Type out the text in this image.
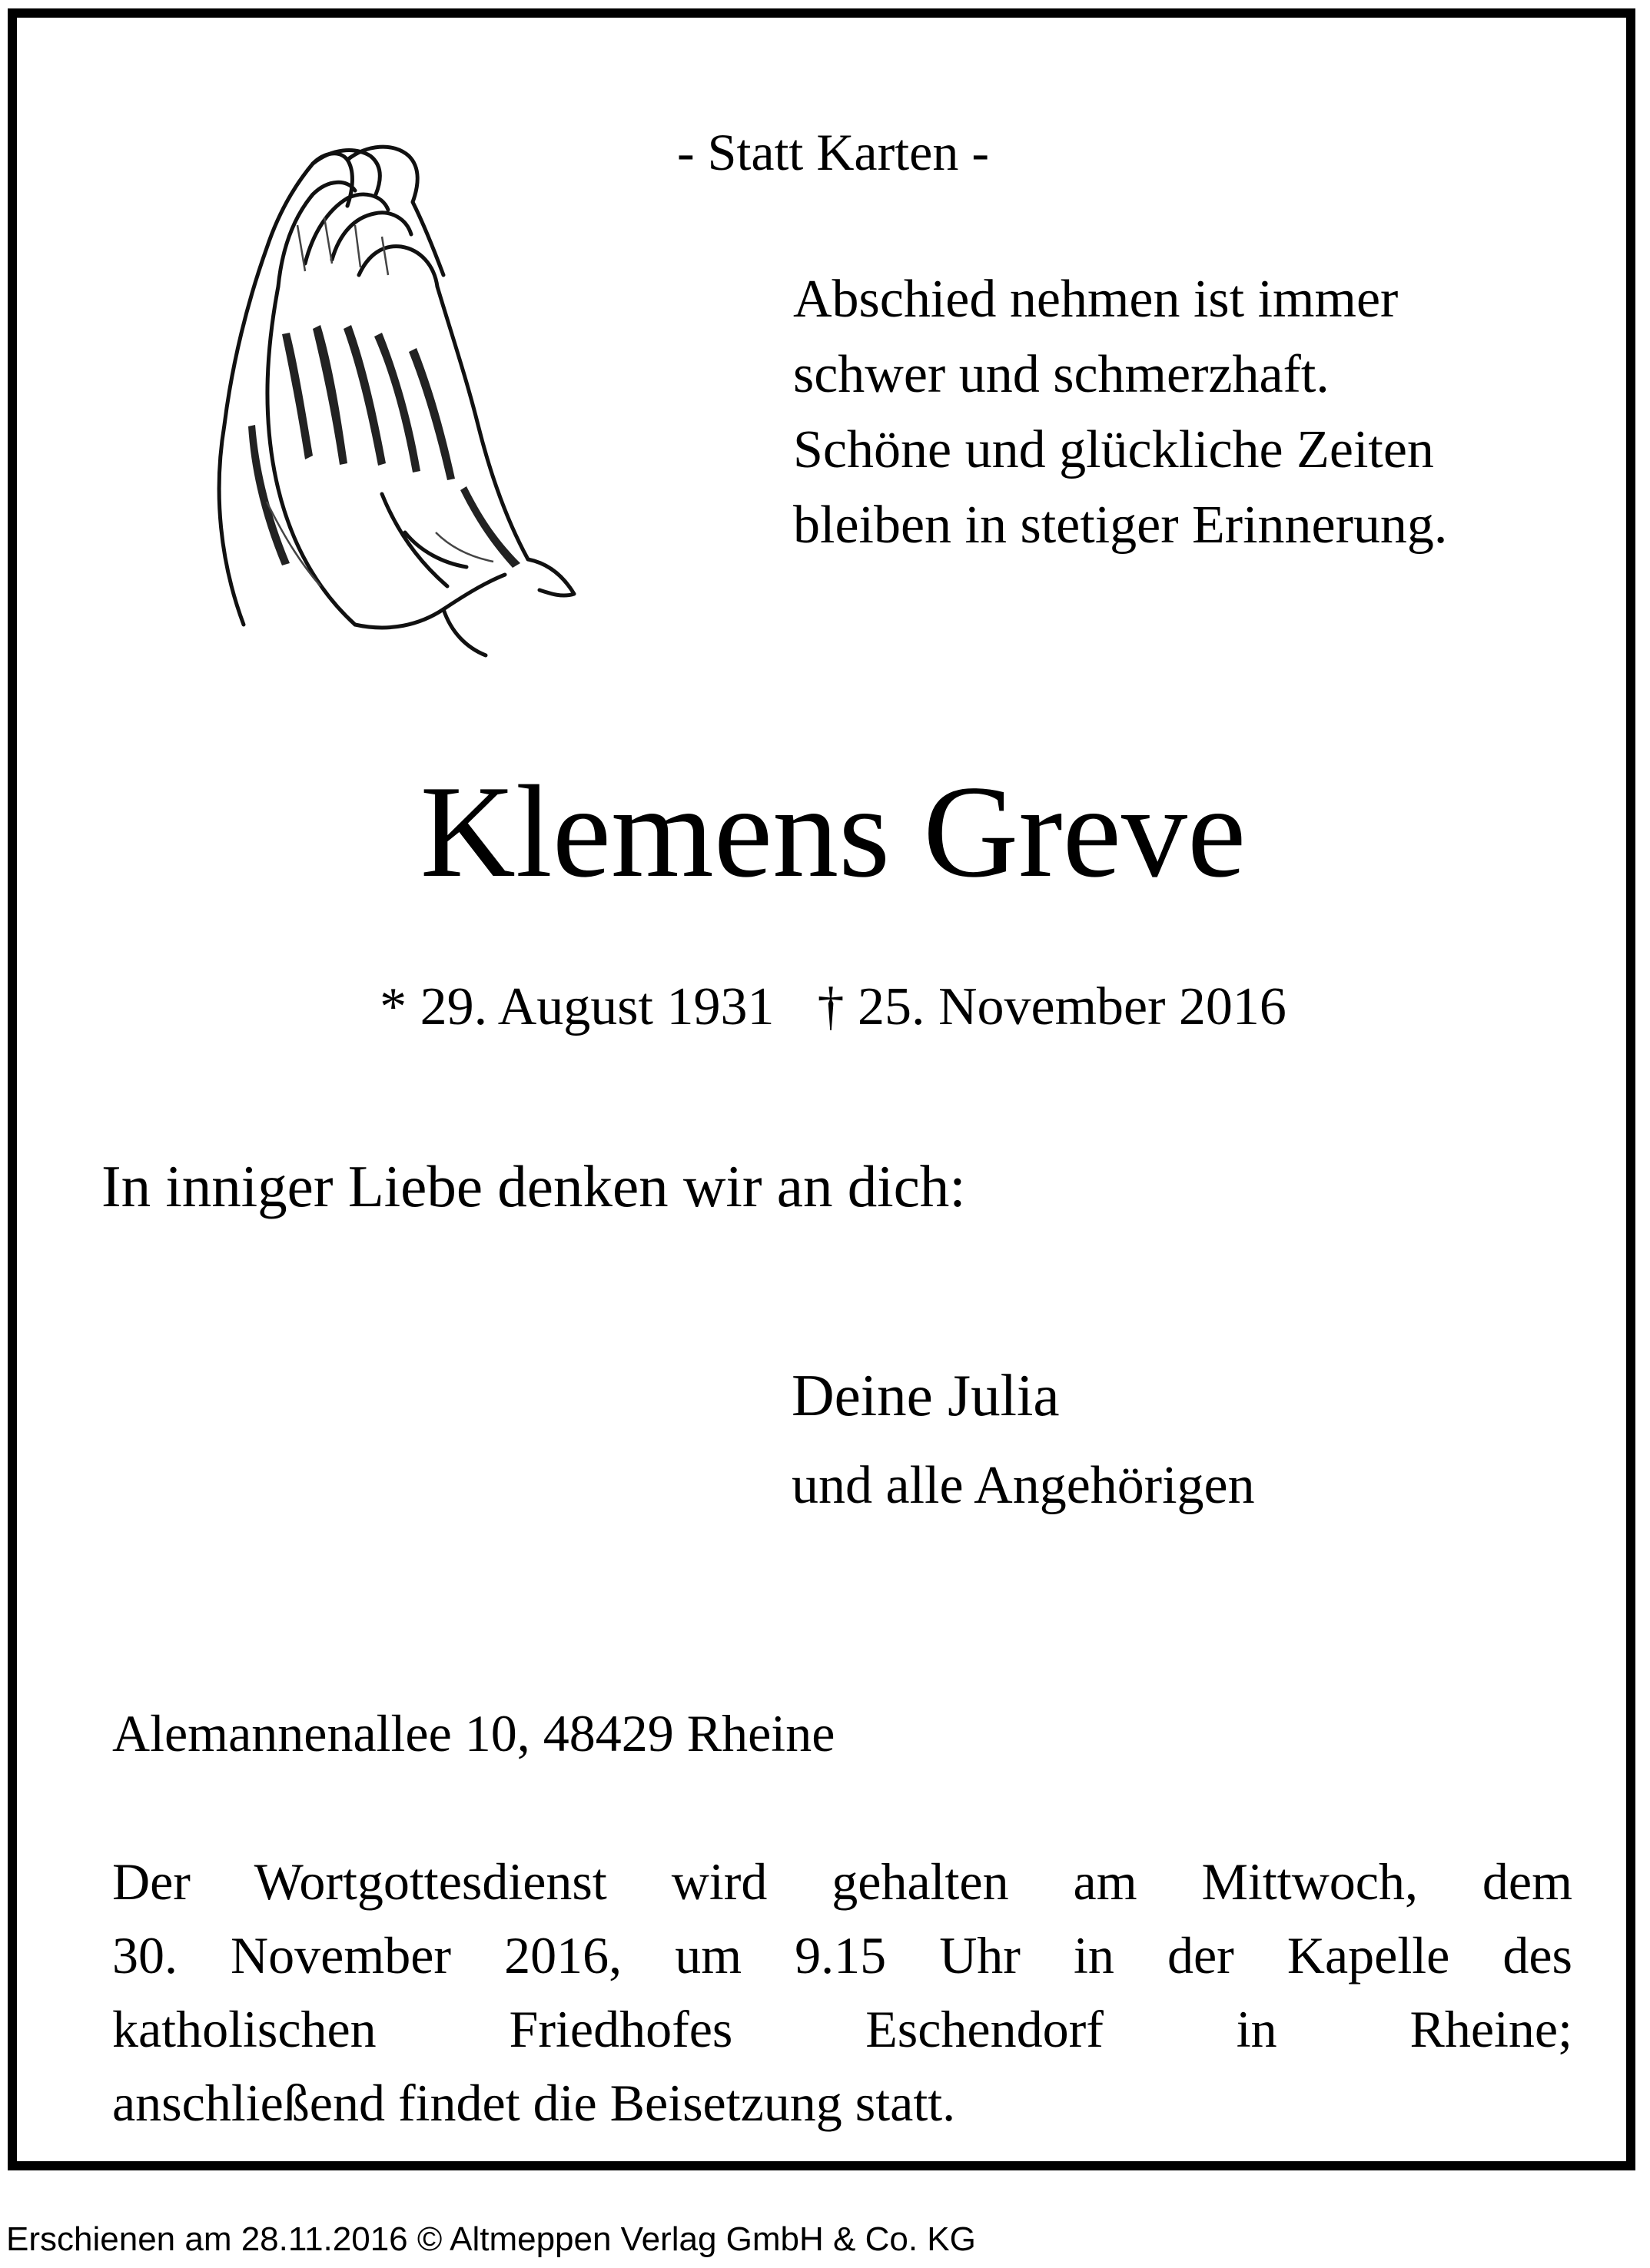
- Statt Karten -
Abschied nehmen ist immer
schwer und schmerzhaft.
Schöne und glückliche Zeiten
bleiben in stetiger Erinnerung.
Klemens Greve
* 29. August 1931 † 25. November 2016
In inniger Liebe denken wir an dich:
Deine Julia
und alle Angehörigen
Alemannenallee 10, 48429 Rheine
Der Wortgottesdienst wird gehalten am Mittwoch, dem
30. November 2016, um 9.15 Uhr in der Kapelle des
katholischen Friedhofes Eschendorf in Rheine;
anschließend findet die Beisetzung statt.
Erschienen am 28.11.2016 © Altmeppen Verlag GmbH & Co. KG
